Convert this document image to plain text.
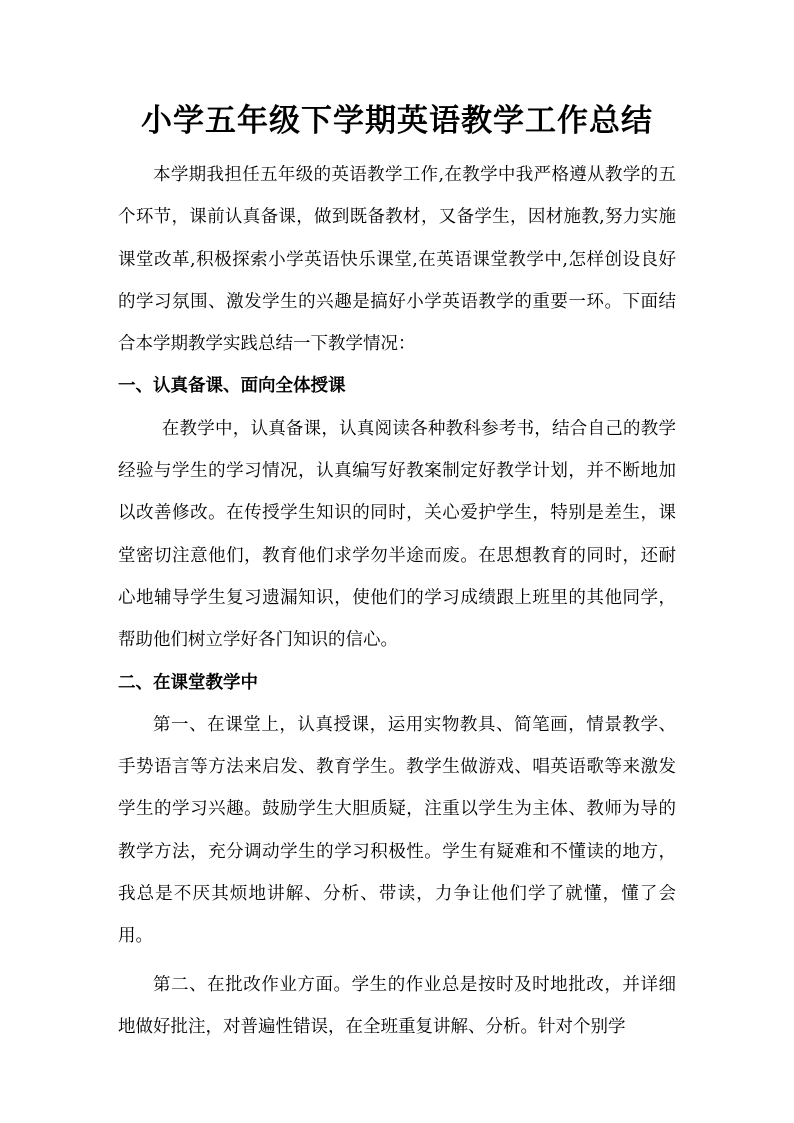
小学五年级下学期英语教学工作总结

本学期我担任五年级的英语教学工作,在教学中我严格遵从教学的五个环节，课前认真备课，做到既备教材，又备学生，因材施教,努力实施课堂改革,积极探索小学英语快乐课堂,在英语课堂教学中,怎样创设良好的学习氛围、激发学生的兴趣是搞好小学英语教学的重要一环。下面结合本学期教学实践总结一下教学情况：

一、认真备课、面向全体授课

在教学中，认真备课，认真阅读各种教科参考书，结合自己的教学经验与学生的学习情况，认真编写好教案制定好教学计划，并不断地加以改善修改。在传授学生知识的同时，关心爱护学生，特别是差生，课堂密切注意他们，教育他们求学勿半途而废。在思想教育的同时，还耐心地辅导学生复习遗漏知识，使他们的学习成绩跟上班里的其他同学，帮助他们树立学好各门知识的信心。

二、在课堂教学中

第一、在课堂上，认真授课，运用实物教具、简笔画，情景教学、手势语言等方法来启发、教育学生。教学生做游戏、唱英语歌等来激发学生的学习兴趣。鼓励学生大胆质疑，注重以学生为主体、教师为导的教学方法，充分调动学生的学习积极性。学生有疑难和不懂读的地方，我总是不厌其烦地讲解、分析、带读，力争让他们学了就懂，懂了会用。

第二、在批改作业方面。学生的作业总是按时及时地批改，并详细地做好批注，对普遍性错误，在全班重复讲解、分析。针对个别学
